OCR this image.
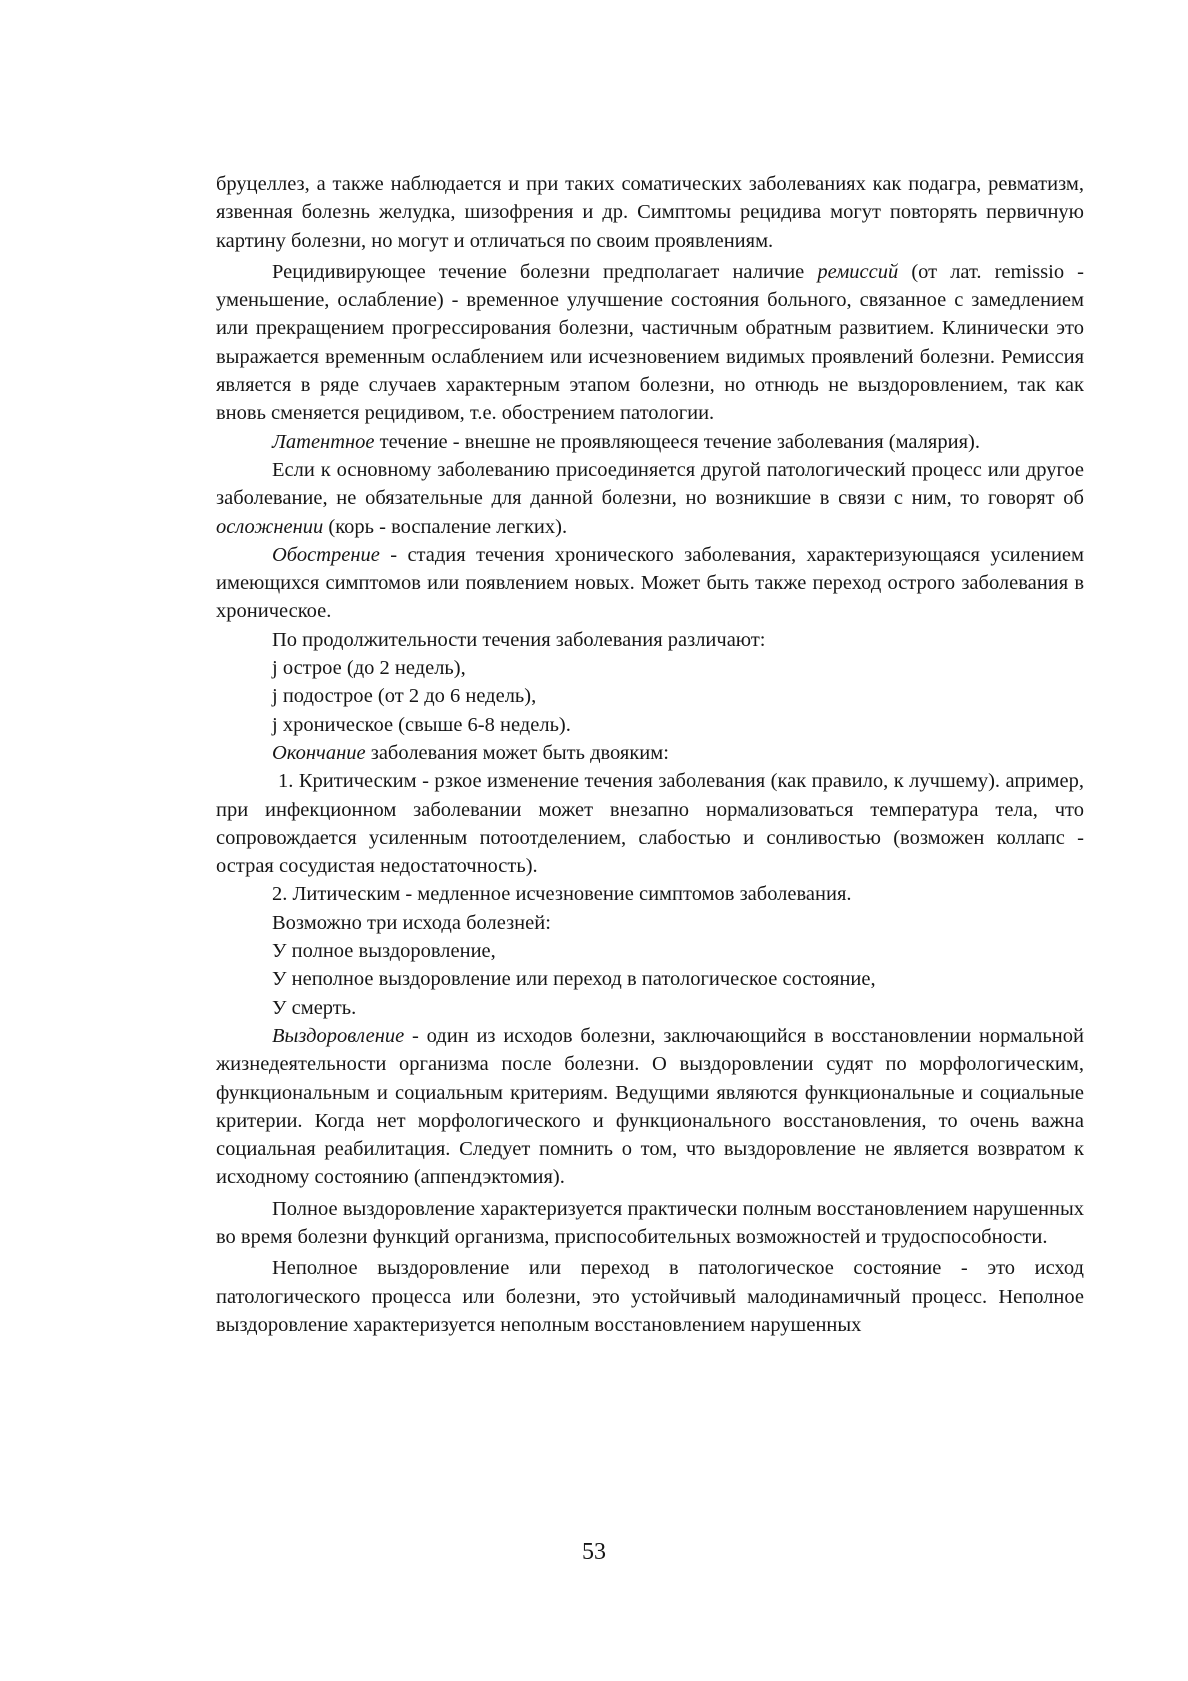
бруцеллез, а также наблюдается и при таких соматических заболеваниях как подагра, ревматизм, язвенная болезнь желудка, шизофрения и др. Симптомы рецидива могут повторять первичную картину болезни, но могут и отличаться по своим проявлениям.

Рецидивирующее течение болезни предполагает наличие ремиссий (от лат. remissio - уменьшение, ослабление) - временное улучшение состояния больного, связанное с замедлением или прекращением прогрессирования болезни, частичным обратным развитием. Клинически это выражается временным ослаблением или исчезновением видимых проявлений болезни. Ремиссия является в ряде случаев характерным этапом болезни, но отнюдь не выздоровлением, так как вновь сменяется рецидивом, т.е. обострением патологии.

Латентное течение - внешне не проявляющееся течение заболевания (малярия).

Если к основному заболеванию присоединяется другой патологический процесс или другое заболевание, не обязательные для данной болезни, но возникшие в связи с ним, то говорят об осложнении (корь - воспаление легких).

Обострение - стадия течения хронического заболевания, характеризующаяся усилением имеющихся симптомов или появлением новых. Может быть также переход острого заболевания в хроническое.

По продолжительности течения заболевания различают:

j острое (до 2 недель),

j подострое (от 2 до 6 недель),

j хроническое (свыше 6-8 недель).

Окончание заболевания может быть двояким:

1. Критическим - рзкое изменение течения заболевания (как правило, к лучшему). апример, при инфекционном заболевании может внезапно нормализоваться температура тела, что сопровождается усиленным потоотделением, слабостью и сонливостью (возможен коллапс - острая сосудистая недостаточность).

2. Литическим - медленное исчезновение симптомов заболевания.

Возможно три исхода болезней:

У полное выздоровление,

У неполное выздоровление или переход в патологическое состояние,

У смерть.

Выздоровление - один из исходов болезни, заключающийся в восстановлении нормальной жизнедеятельности организма после болезни. О выздоровлении судят по морфологическим, функциональным и социальным критериям. Ведущими являются функциональные и социальные критерии. Когда нет морфологического и функционального восстановления, то очень важна социальная реабилитация. Следует помнить о том, что выздоровление не является возвратом к исходному состоянию (аппендэктомия).

Полное выздоровление характеризуется практически полным восстановлением нарушенных во время болезни функций организма, приспособительных возможностей и трудоспособности.

Неполное выздоровление или переход в патологическое состояние - это исход патологического процесса или болезни, это устойчивый малодинамичный процесс. Неполное выздоровление характеризуется неполным восстановлением нарушенных

53
